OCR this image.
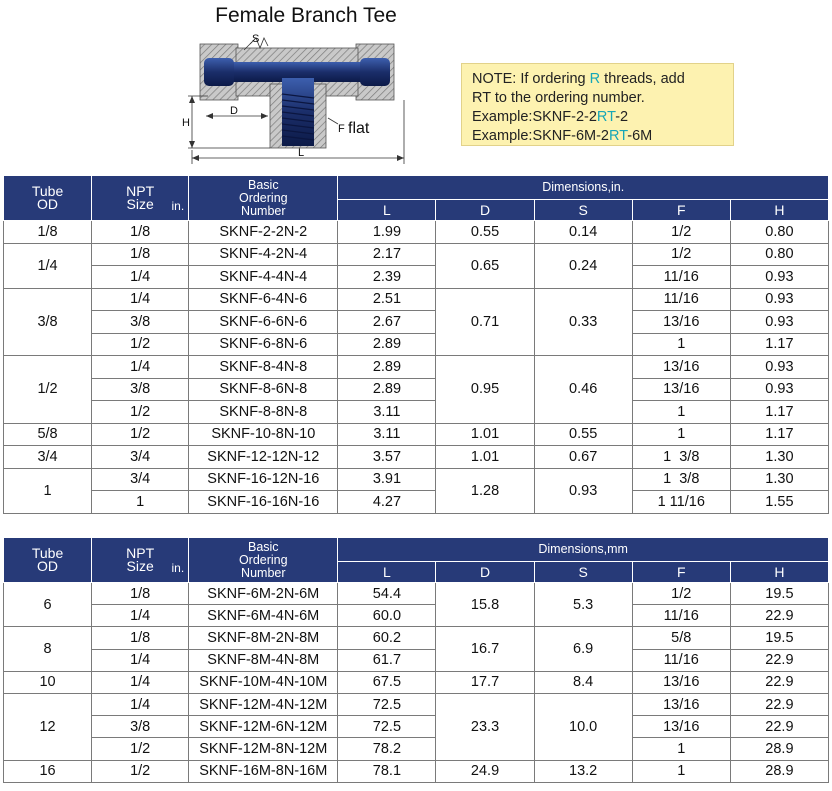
Female Branch Tee
S
H
D
L
F flat
NOTE: If ordering R threads, add
RT to the ordering number.
Example:SKNF-2-2RT-2
Example:SKNF-6M-2RT-6M
Tube
OD	NPT
Size in.	Basic
Ordering
Number	Dimensions,in.				
			L	D	S	F	H
1/8	1/8	SKNF-2-2N-2	1.99	0.55	0.14	1/2	0.80
1/4	1/8	SKNF-4-2N-4	2.17	0.65	0.24	1/2	0.80
	1/4	SKNF-4-4N-4	2.39			11/16	0.93
3/8	1/4	SKNF-6-4N-6	2.51	0.71	0.33	11/16	0.93
	3/8	SKNF-6-6N-6	2.67			13/16	0.93
	1/2	SKNF-6-8N-6	2.89			1	1.17
1/2	1/4	SKNF-8-4N-8	2.89	0.95	0.46	13/16	0.93
	3/8	SKNF-8-6N-8	2.89			13/16	0.93
	1/2	SKNF-8-8N-8	3.11			1	1.17
5/8	1/2	SKNF-10-8N-10	3.11	1.01	0.55	1	1.17
3/4	3/4	SKNF-12-12N-12	3.57	1.01	0.67	1  3/8	1.30
1	3/4	SKNF-16-12N-16	3.91	1.28	0.93	1  3/8	1.30
	1	SKNF-16-16N-16	4.27			1 11/16	1.55
Tube
OD	NPT
Size in.	Basic
Ordering
Number	Dimensions,mm				
			L	D	S	F	H
6	1/8	SKNF-6M-2N-6M	54.4	15.8	5.3	1/2	19.5
	1/4	SKNF-6M-4N-6M	60.0			11/16	22.9
8	1/8	SKNF-8M-2N-8M	60.2	16.7	6.9	5/8	19.5
	1/4	SKNF-8M-4N-8M	61.7			11/16	22.9
10	1/4	SKNF-10M-4N-10M	67.5	17.7	8.4	13/16	22.9
12	1/4	SKNF-12M-4N-12M	72.5	23.3	10.0	13/16	22.9
	3/8	SKNF-12M-6N-12M	72.5			13/16	22.9
	1/2	SKNF-12M-8N-12M	78.2			1	28.9
16	1/2	SKNF-16M-8N-16M	78.1	24.9	13.2	1	28.9
